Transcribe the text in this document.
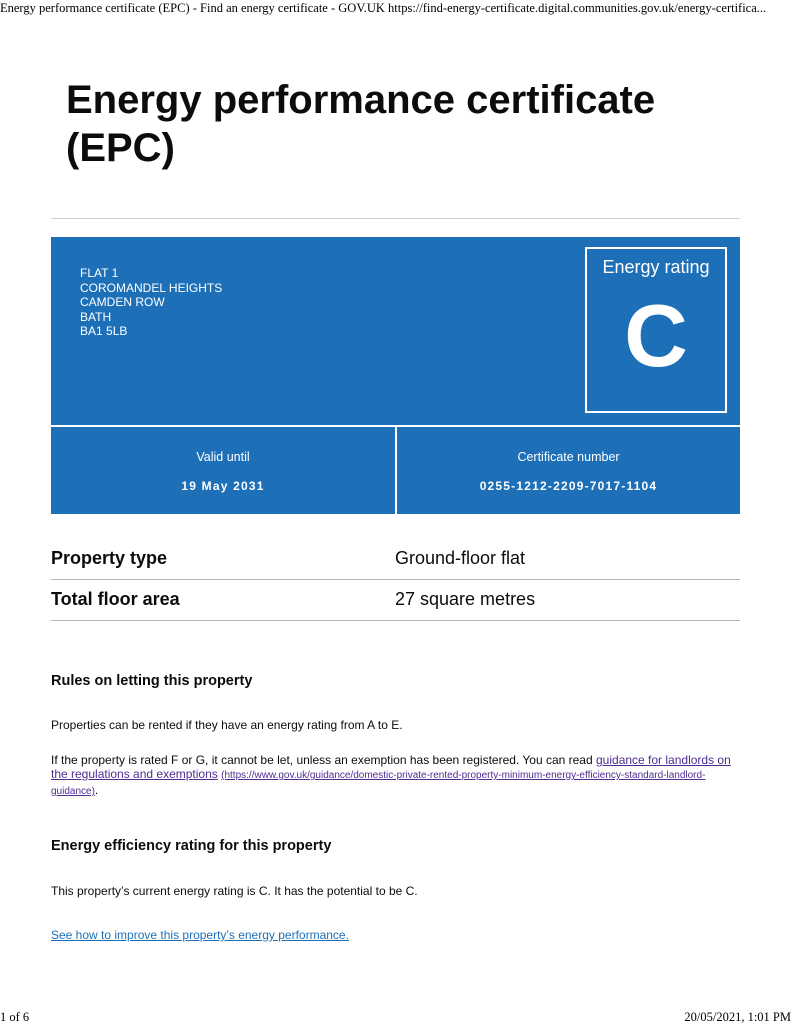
Energy performance certificate (EPC) - Find an energy certificate - GOV.UK https://find-energy-certificate.digital.communities.gov.uk/energy-certifica...
Energy performance certificate (EPC)
FLAT 1
COROMANDEL HEIGHTS
CAMDEN ROW
BATH
BA1 5LB
Energy rating
C
Valid until
19 May 2031
Certificate number
0255-1212-2209-7017-1104
Property type	Ground-floor flat
Total floor area	27 square metres
Rules on letting this property

Properties can be rented if they have an energy rating from A to E.

If the property is rated F or G, it cannot be let, unless an exemption has been registered. You can read guidance for landlords on the regulations and exemptions (https://www.gov.uk/guidance/domestic-private-rented-property-minimum-energy-efficiency-standard-landlord-guidance).

Energy efficiency rating for this property

This property’s current energy rating is C. It has the potential to be C.

See how to improve this property’s energy performance.

1 of 6	20/05/2021, 1:01 PM
